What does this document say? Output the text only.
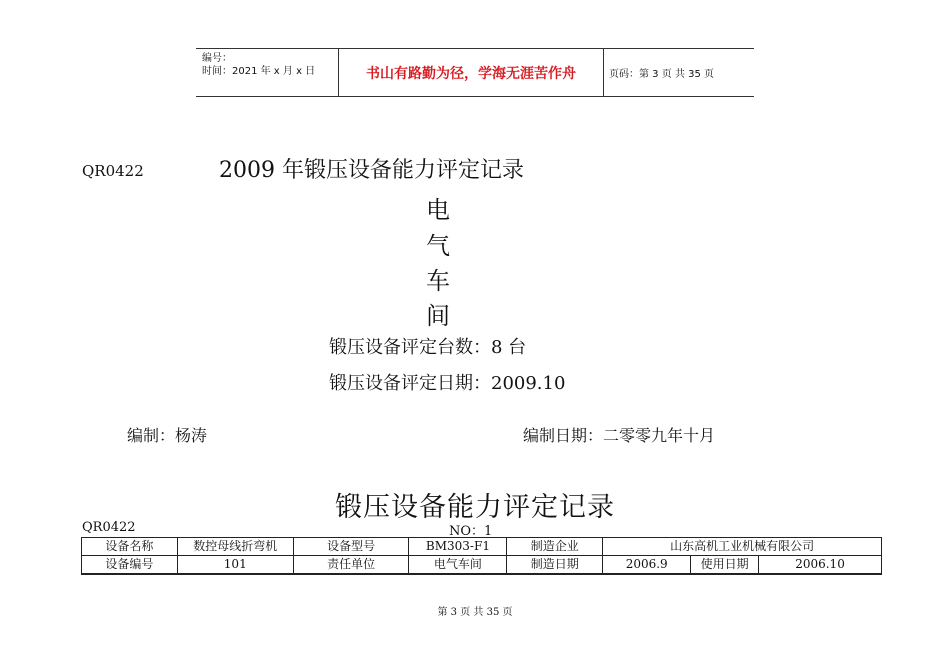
编号：
时间：2021 年 x 月 x 日	书山有路勤为径，学海无涯苦作舟	页码：第 3 页 共 35 页
QR0422	2009 年锻压设备能力评定记录
电
气
车
间
锻压设备评定台数：8 台
锻压设备评定日期：2009.10
编制：杨涛	编制日期：二零零九年十月
锻压设备能力评定记录
QR0422	NO：1
设备名称	数控母线折弯机	设备型号	BM303-F1	制造企业	山东高机工业机械有限公司		
设备编号	101	责任单位	电气车间	制造日期	2006.9	使用日期	2006.10
第 3 页 共 35 页
